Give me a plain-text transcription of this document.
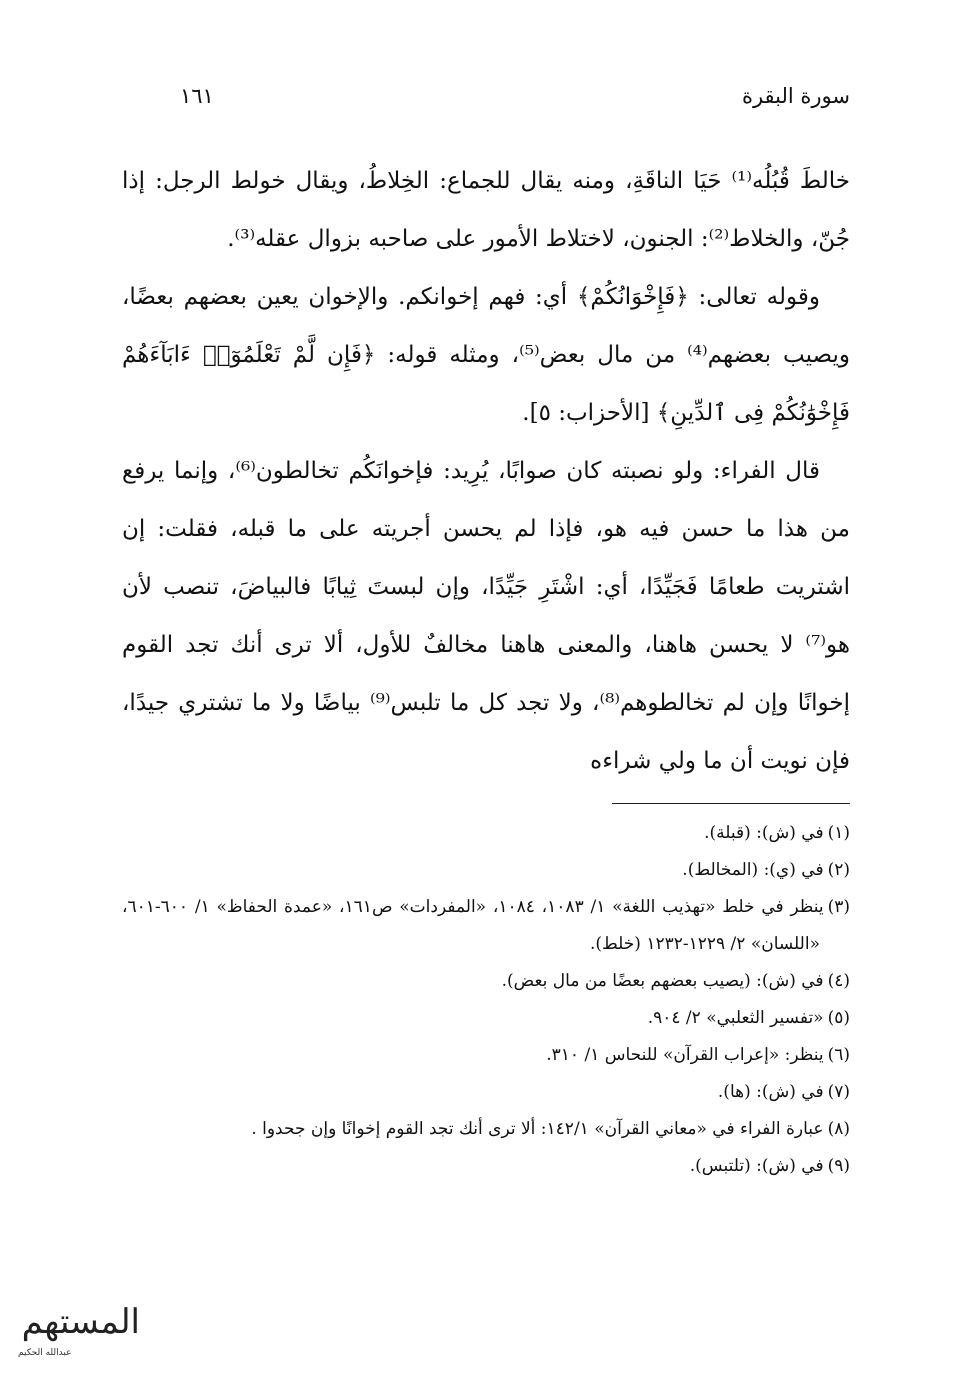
سورة البقرة
١٦١

خالطَ قُبُلُه⁽¹⁾ حَيَا الناقَةِ، ومنه يقال للجماع: الخِلاطُ، ويقال خولط الرجل: إذا جُنّ، والخلاط⁽²⁾: الجنون، لاختلاط الأمور على صاحبه بزوال عقله⁽³⁾.

وقوله تعالى: ﴿فَإِخْوَانُكُمْ﴾ أي: فهم إخوانكم. والإخوان يعين بعضهم بعضًا، ويصيب بعضهم⁽⁴⁾ من مال بعض⁽⁵⁾، ومثله قوله: ﴿فَإِن لَّمْ تَعْلَمُوٓا۟ ءَابَآءَهُمْ فَإِخْوَٰنُكُمْ فِى ٱلدِّينِ﴾ [الأحزاب: ٥].

قال الفراء: ولو نصبته كان صوابًا، يُرِيد: فإخوانَكُم تخالطون⁽⁶⁾، وإنما يرفع من هذا ما حسن فيه هو، فإذا لم يحسن أجريته على ما قبله، فقلت: إن اشتريت طعامًا فَجَيِّدًا، أي: اشْتَرِ جَيِّدًا، وإن لبستَ ثِيابًا فالبياضَ، تنصب لأن هو⁽⁷⁾ لا يحسن هاهنا، والمعنى هاهنا مخالفٌ للأول، ألا ترى أنك تجد القوم إخوانًا وإن لم تخالطوهم⁽⁸⁾، ولا تجد كل ما تلبس⁽⁹⁾ بياضًا ولا ما تشتري جيدًا، فإن نويت أن ما ولي شراءه

(١)في (ش): (قبلة).

(٢)في (ي): (المخالط).

(٣)ينظر في خلط «تهذيب اللغة» ١/ ١٠٨٣، ١٠٨٤، «المفردات» ص١٦١، «عمدة الحفاظ» ١/ ٦٠٠-٦٠١، «اللسان» ٢/ ١٢٢٩-١٢٣٢ (خلط).

(٤)في (ش): (يصيب بعضهم بعضًا من مال بعض).

(٥)«تفسير الثعلبي» ٢/ ٩٠٤.

(٦)ينظر: «إعراب القرآن» للنحاس ١/ ٣١٠.

(٧)في (ش): (ها).

(٨)عبارة الفراء في «معاني القرآن» ١٤٢/١: ألا ترى أنك تجد القوم إخوانًا وإن جحدوا .

(٩)في (ش): (تلتبس).

المستهم
عبدالله الحكيم
